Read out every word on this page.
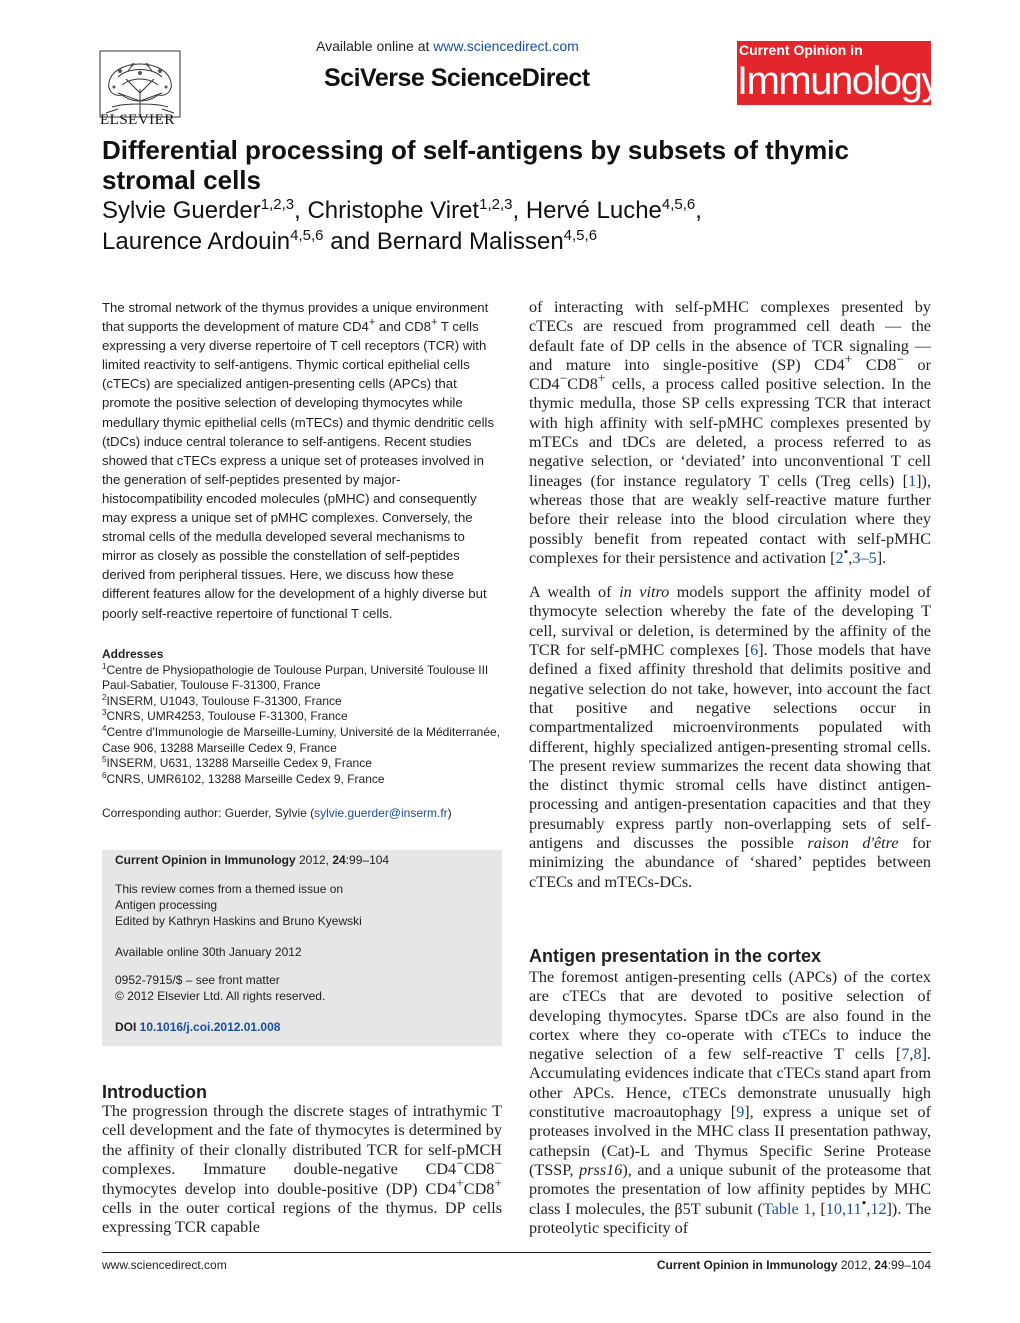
ELSEVIER
Available online at www.sciencedirect.com
SciVerse ScienceDirect
Current Opinion in
Immunology
Differential processing of self-antigens by subsets of thymic stromal cells
Sylvie Guerder$^{1,2,3}$, Christophe Viret$^{1,2,3}$, Hervé Luche$^{4,5,6}$,
Laurence Ardouin$^{4,5,6}$ and Bernard Malissen$^{4,5,6}$
The stromal network of the thymus provides a unique environment that supports the development of mature CD4+ and CD8+ T cells expressing a very diverse repertoire of T cell receptors (TCR) with limited reactivity to self-antigens. Thymic cortical epithelial cells (cTECs) are specialized antigen-presenting cells (APCs) that promote the positive selection of developing thymocytes while medullary thymic epithelial cells (mTECs) and thymic dendritic cells (tDCs) induce central tolerance to self-antigens. Recent studies showed that cTECs express a unique set of proteases involved in the generation of self-peptides presented by major-histocompatibility encoded molecules (pMHC) and consequently may express a unique set of pMHC complexes. Conversely, the stromal cells of the medulla developed several mechanisms to mirror as closely as possible the constellation of self-peptides derived from peripheral tissues. Here, we discuss how these different features allow for the development of a highly diverse but poorly self-reactive repertoire of functional T cells.
Addresses
$^1$Centre de Physiopathologie de Toulouse Purpan, Université Toulouse III Paul-Sabatier, Toulouse F-31300, France
$^2$INSERM, U1043, Toulouse F-31300, France
$^3$CNRS, UMR4253, Toulouse F-31300, France
$^4$Centre d'Immunologie de Marseille-Luminy, Université de la Méditerranée, Case 906, 13288 Marseille Cedex 9, France
$^5$INSERM, U631, 13288 Marseille Cedex 9, France
$^6$CNRS, UMR6102, 13288 Marseille Cedex 9, France
Corresponding author: Guerder, Sylvie (sylvie.guerder@inserm.fr)
Current Opinion in Immunology 2012, 24:99–104
This review comes from a themed issue on
Antigen processing
Edited by Kathryn Haskins and Bruno Kyewski
Available online 30th January 2012
0952-7915/$ – see front matter
© 2012 Elsevier Ltd. All rights reserved.
DOI 10.1016/j.coi.2012.01.008
Introduction
The progression through the discrete stages of intrathymic T cell development and the fate of thymocytes is determined by the affinity of their clonally distributed TCR for self-pMCH complexes. Immature double-negative CD4−CD8− thymocytes develop into double-positive (DP) CD4+CD8+ cells in the outer cortical regions of the thymus. DP cells expressing TCR capable

of interacting with self-pMHC complexes presented by cTECs are rescued from programmed cell death — the default fate of DP cells in the absence of TCR signaling — and mature into single-positive (SP) CD4+ CD8− or CD4−CD8+ cells, a process called positive selection. In the thymic medulla, those SP cells expressing TCR that interact with high affinity with self-pMHC complexes presented by mTECs and tDCs are deleted, a process referred to as negative selection, or ‘deviated’ into unconventional T cell lineages (for instance regulatory T cells (Treg cells) [1]), whereas those that are weakly self-reactive mature further before their release into the blood circulation where they possibly benefit from repeated contact with self-pMHC complexes for their persistence and activation [2•,3–5].

A wealth of in vitro models support the affinity model of thymocyte selection whereby the fate of the developing T cell, survival or deletion, is determined by the affinity of the TCR for self-pMHC complexes [6]. Those models that have defined a fixed affinity threshold that delimits positive and negative selection do not take, however, into account the fact that positive and negative selections occur in compartmentalized microenvironments populated with different, highly specialized antigen-presenting stromal cells. The present review summarizes the recent data showing that the distinct thymic stromal cells have distinct antigen-processing and antigen-presentation capacities and that they presumably express partly non-overlapping sets of self-antigens and discusses the possible raison d'être for minimizing the abundance of ‘shared’ peptides between cTECs and mTECs-DCs.

Antigen presentation in the cortex
The foremost antigen-presenting cells (APCs) of the cortex are cTECs that are devoted to positive selection of developing thymocytes. Sparse tDCs are also found in the cortex where they co-operate with cTECs to induce the negative selection of a few self-reactive T cells [7,8]. Accumulating evidences indicate that cTECs stand apart from other APCs. Hence, cTECs demonstrate unusually high constitutive macroautophagy [9], express a unique set of proteases involved in the MHC class II presentation pathway, cathepsin (Cat)-L and Thymus Specific Serine Protease (TSSP, prss16), and a unique subunit of the proteasome that promotes the presentation of low affinity peptides by MHC class I molecules, the β5T subunit (Table 1, [10,11•,12]). The proteolytic specificity of
www.sciencedirect.com	Current Opinion in Immunology 2012, 24:99–104
